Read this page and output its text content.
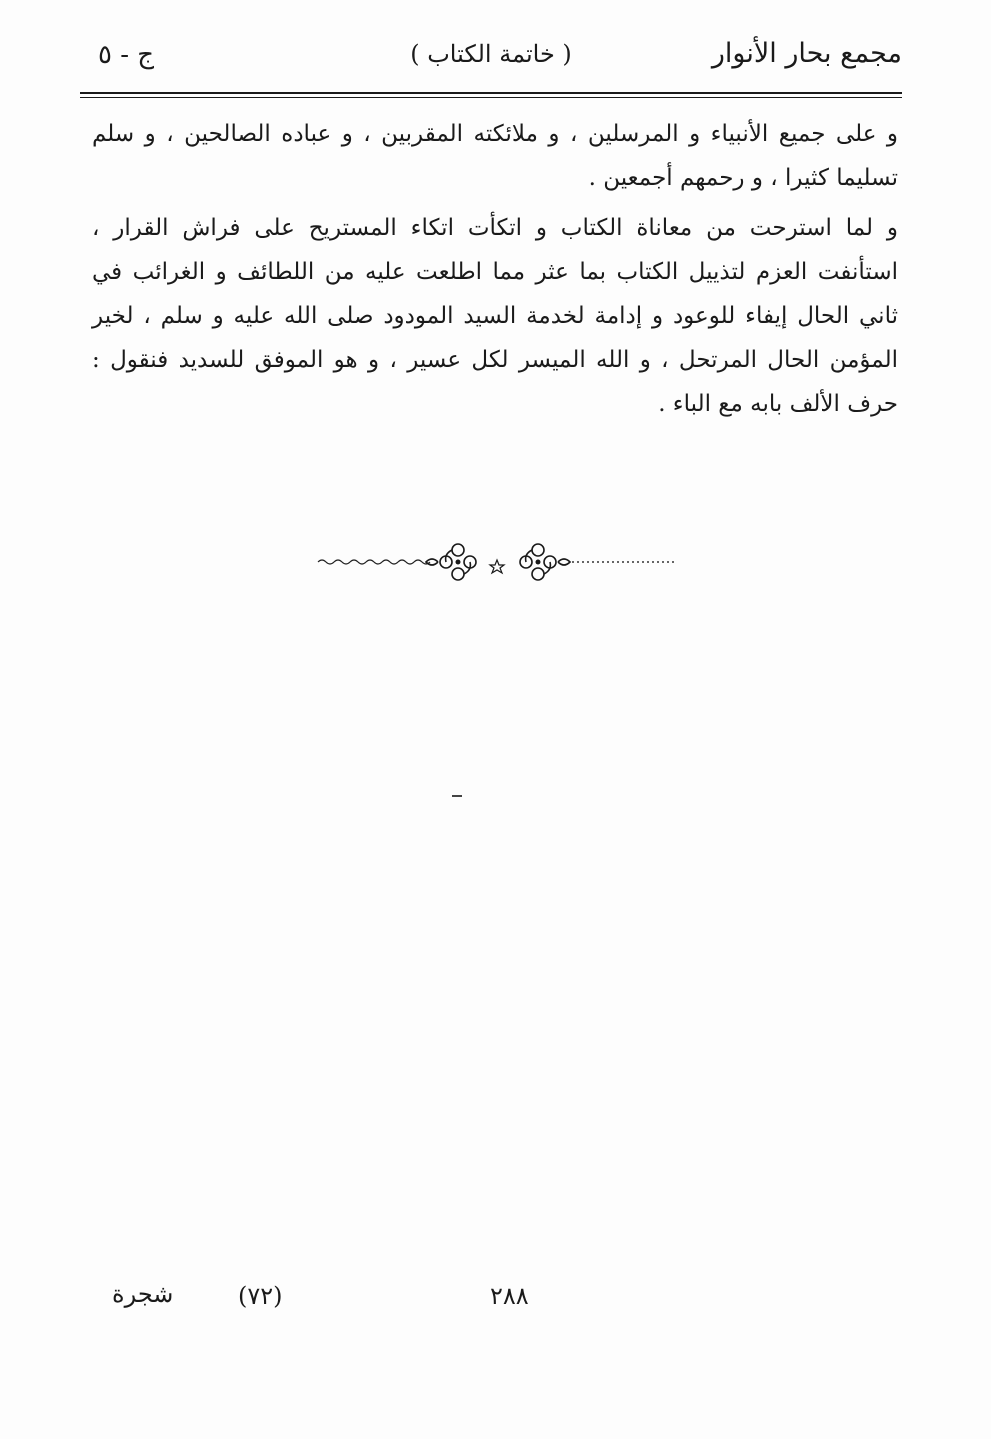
مجمع بحار الأنوار
( خاتمة الكتاب )
ج - ٥

و على جميع الأنبياء و المرسلين ، و ملائكته المقربين ، و عباده الصالحين ، و سلم تسليما كثيرا ، و رحمهم أجمعين .

و لما استرحت من معاناة الكتاب و اتكأت اتكاء المستريح على فراش القرار ، استأنفت العزم لتذييل الكتاب بما عثر مما اطلعت عليه من اللطائف و الغرائب في ثاني الحال إيفاء للوعود و إدامة لخدمة السيد المودود صلى الله عليه و سلم ، لخير المؤمن الحال المرتحل ، و الله الميسر لكل عسير ، و هو الموفق للسديد فنقول : حرف الألف بابه مع الباء .

شجرة	(٧٢)	٢٨٨
